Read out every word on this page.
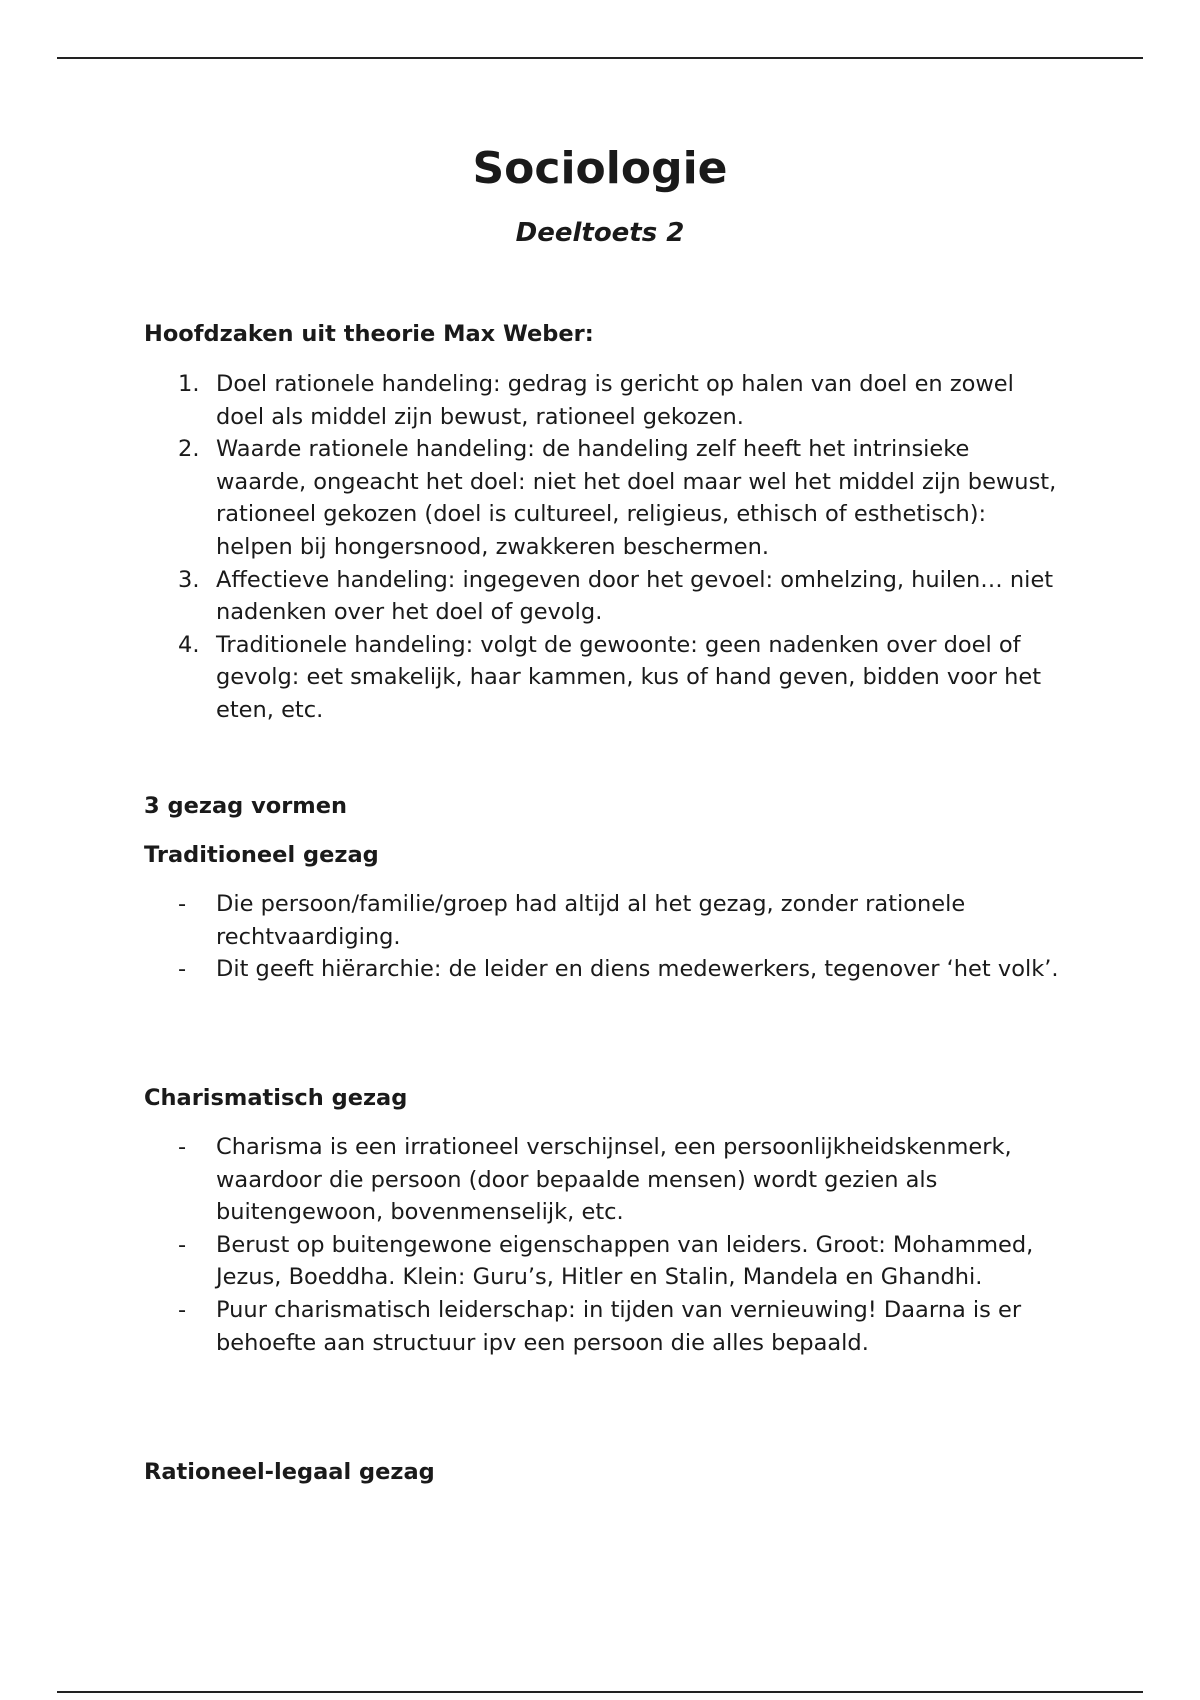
Sociologie
Deeltoets 2
Hoofdzaken uit theorie Max Weber:
1. Doel rationele handeling: gedrag is gericht op halen van doel en zowel doel als middel zijn bewust, rationeel gekozen.
2. Waarde rationele handeling: de handeling zelf heeft het intrinsieke waarde, ongeacht het doel: niet het doel maar wel het middel zijn bewust, rationeel gekozen (doel is cultureel, religieus, ethisch of esthetisch): helpen bij hongersnood, zwakkeren beschermen.
3. Affectieve handeling: ingegeven door het gevoel: omhelzing, huilen… niet nadenken over het doel of gevolg.
4. Traditionele handeling: volgt de gewoonte: geen nadenken over doel of gevolg: eet smakelijk, haar kammen, kus of hand geven, bidden voor het eten, etc.
3 gezag vormen
Traditioneel gezag
- Die persoon/familie/groep had altijd al het gezag, zonder rationele rechtvaardiging.
- Dit geeft hiërarchie: de leider en diens medewerkers, tegenover ‘het volk’.
Charismatisch gezag
- Charisma is een irrationeel verschijnsel, een persoonlijkheidskenmerk, waardoor die persoon (door bepaalde mensen) wordt gezien als buitengewoon, bovenmenselijk, etc.
- Berust op buitengewone eigenschappen van leiders. Groot: Mohammed, Jezus, Boeddha. Klein: Guru’s, Hitler en Stalin, Mandela en Ghandhi.
- Puur charismatisch leiderschap: in tijden van vernieuwing! Daarna is er behoefte aan structuur ipv een persoon die alles bepaald.
Rationeel-legaal gezag
